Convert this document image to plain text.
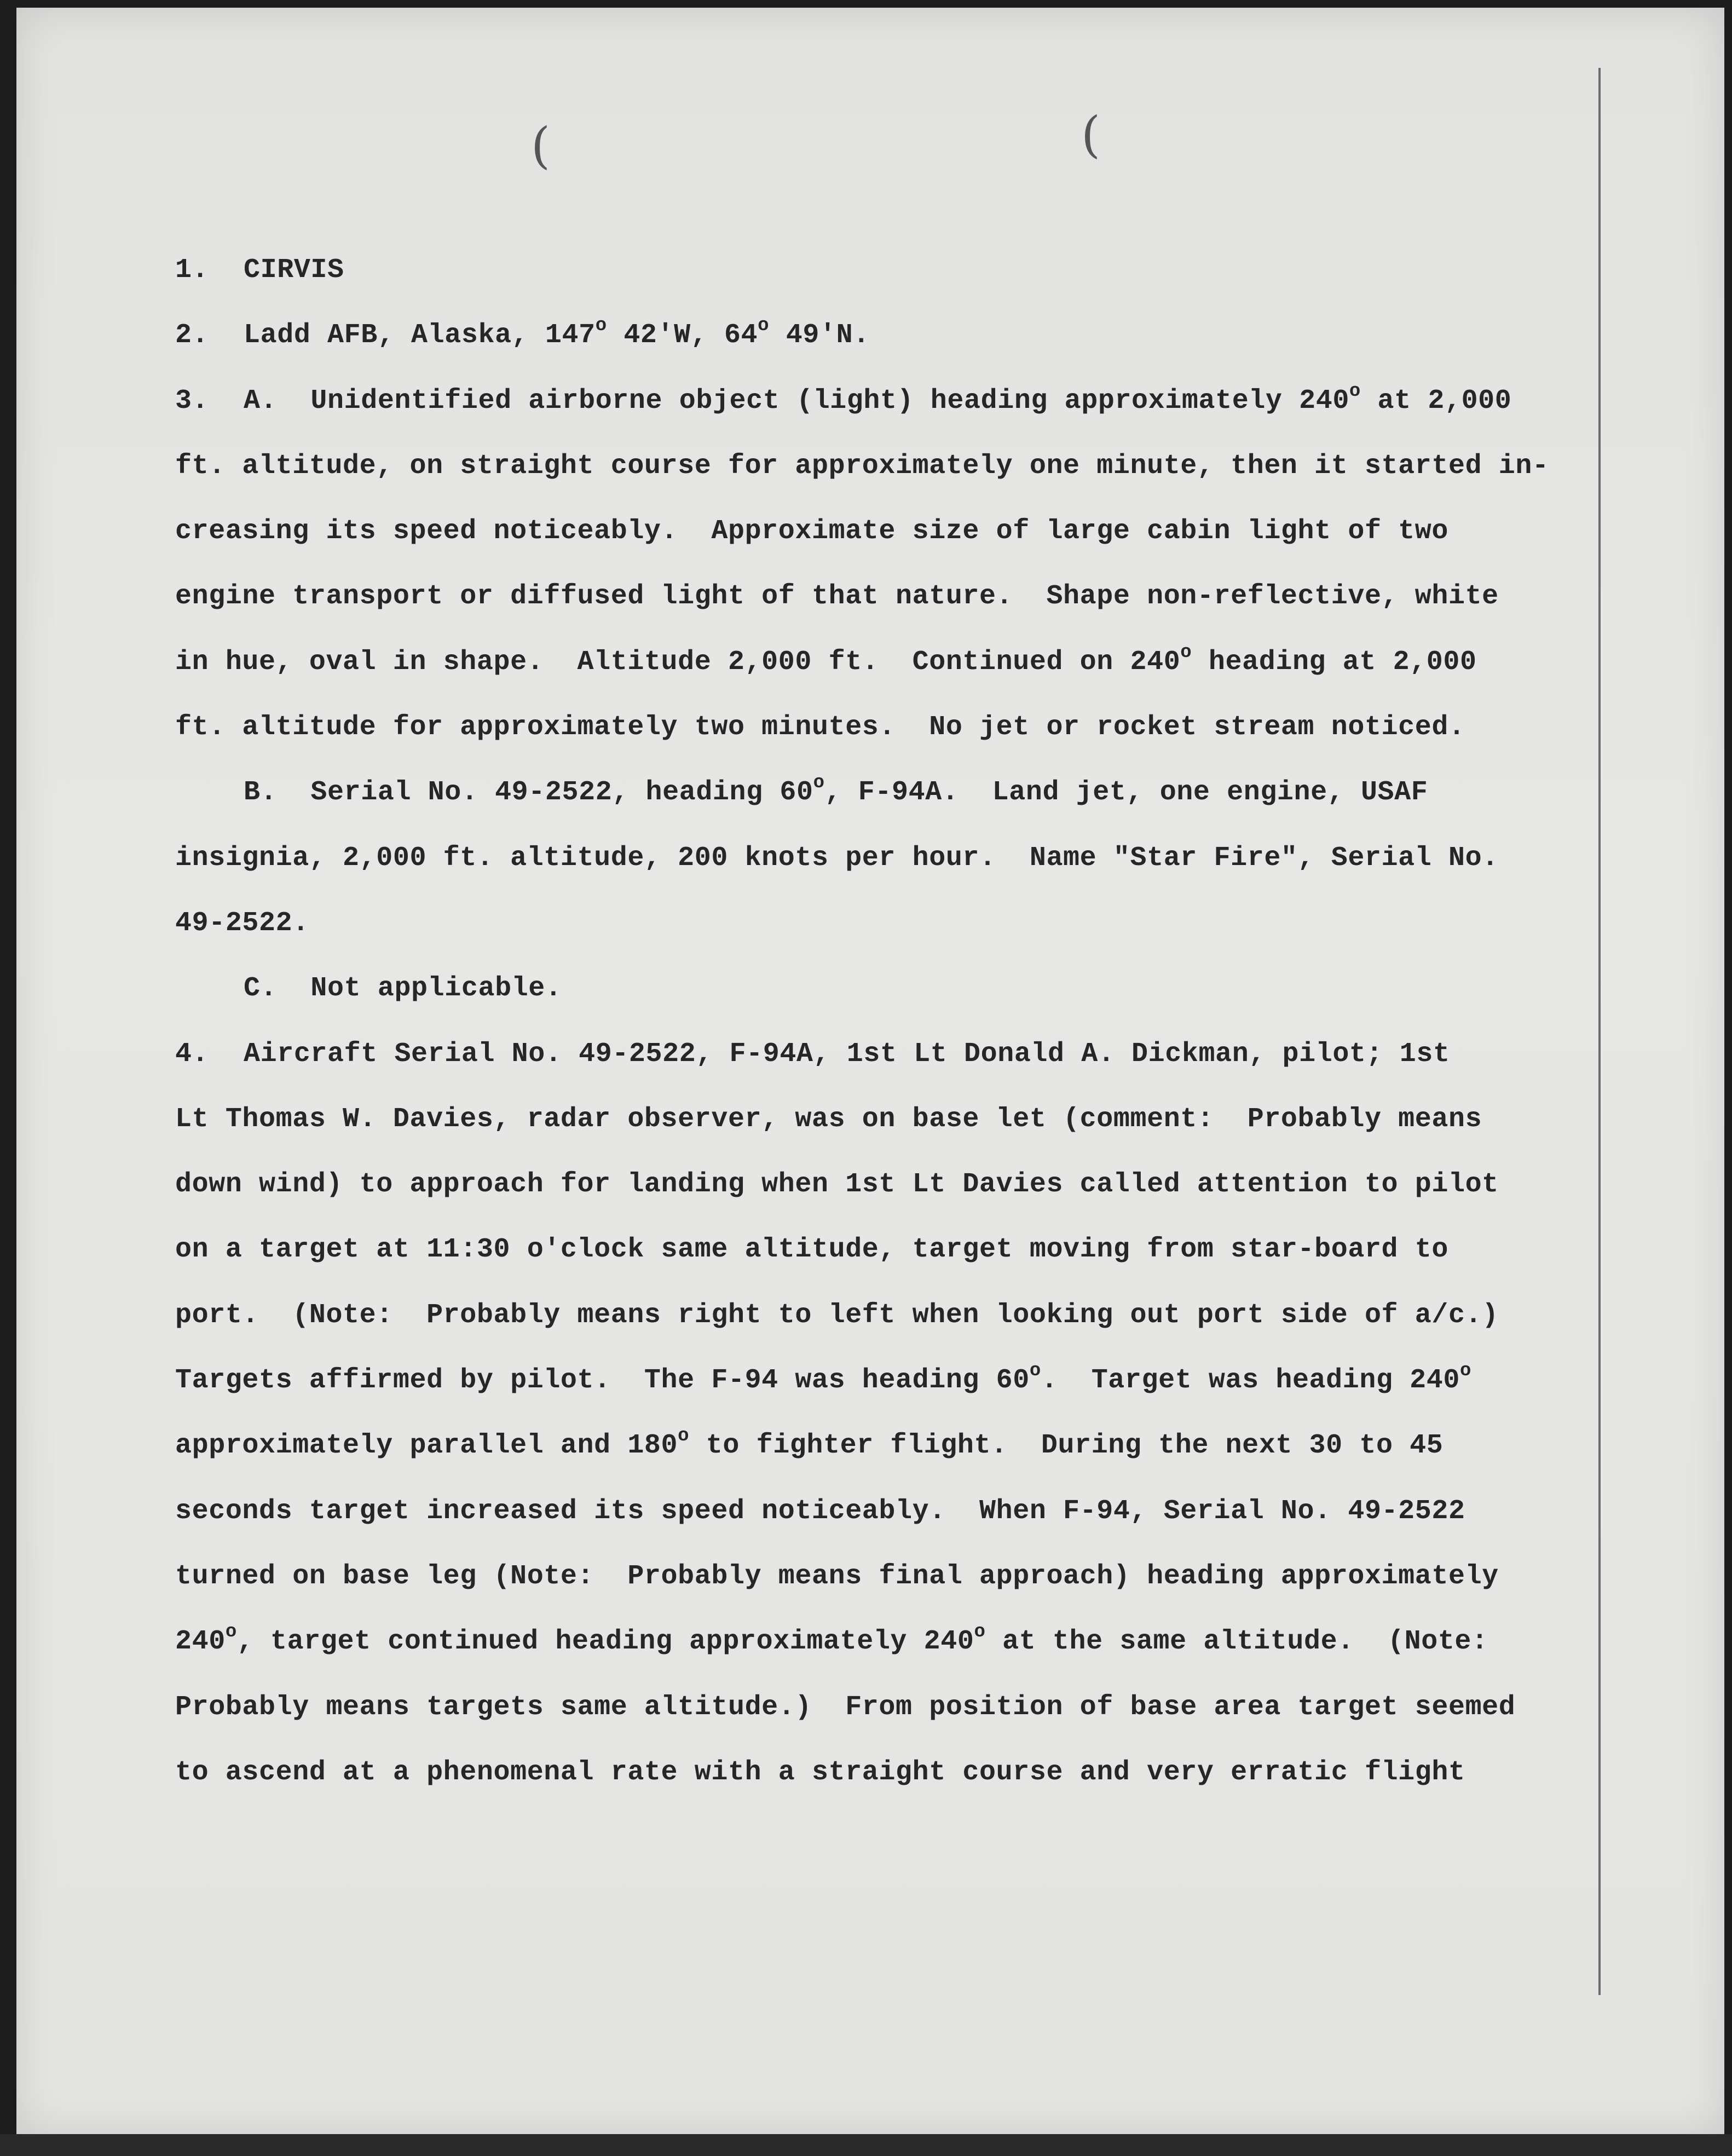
(	(
1. CIRVIS
2. Ladd AFB, Alaska, 147$^o$ 42'W, 64$^o$ 49'N.
3. A.  Unidentified airborne object (light) heading approximately 240$^o$ at 2,000
ft. altitude, on straight course for approximately one minute, then it started in-
creasing its speed noticeably.  Approximate size of large cabin light of two
engine transport or diffused light of that nature.  Shape non-reflective, white
in hue, oval in shape.  Altitude 2,000 ft.  Continued on 240$^o$ heading at 2,000
ft. altitude for approximately two minutes.  No jet or rocket stream noticed.
B.  Serial No. 49-2522, heading 60$^o$, F-94A.  Land jet, one engine, USAF
insignia, 2,000 ft. altitude, 200 knots per hour.  Name "Star Fire", Serial No.
49-2522.
C.  Not applicable.
4. Aircraft Serial No. 49-2522, F-94A, 1st Lt Donald A. Dickman, pilot; 1st
Lt Thomas W. Davies, radar observer, was on base let (comment:  Probably means
down wind) to approach for landing when 1st Lt Davies called attention to pilot
on a target at 11:30 o'clock same altitude, target moving from star-board to
port.  (Note:  Probably means right to left when looking out port side of a/c.)
Targets affirmed by pilot.  The F-94 was heading 60$^o$.  Target was heading 240$^o$
approximately parallel and 180$^o$ to fighter flight.  During the next 30 to 45
seconds target increased its speed noticeably.  When F-94, Serial No. 49-2522
turned on base leg (Note:  Probably means final approach) heading approximately
240$^o$, target continued heading approximately 240$^o$ at the same altitude.  (Note:
Probably means targets same altitude.)  From position of base area target seemed
to ascend at a phenomenal rate with a straight course and very erratic flight
